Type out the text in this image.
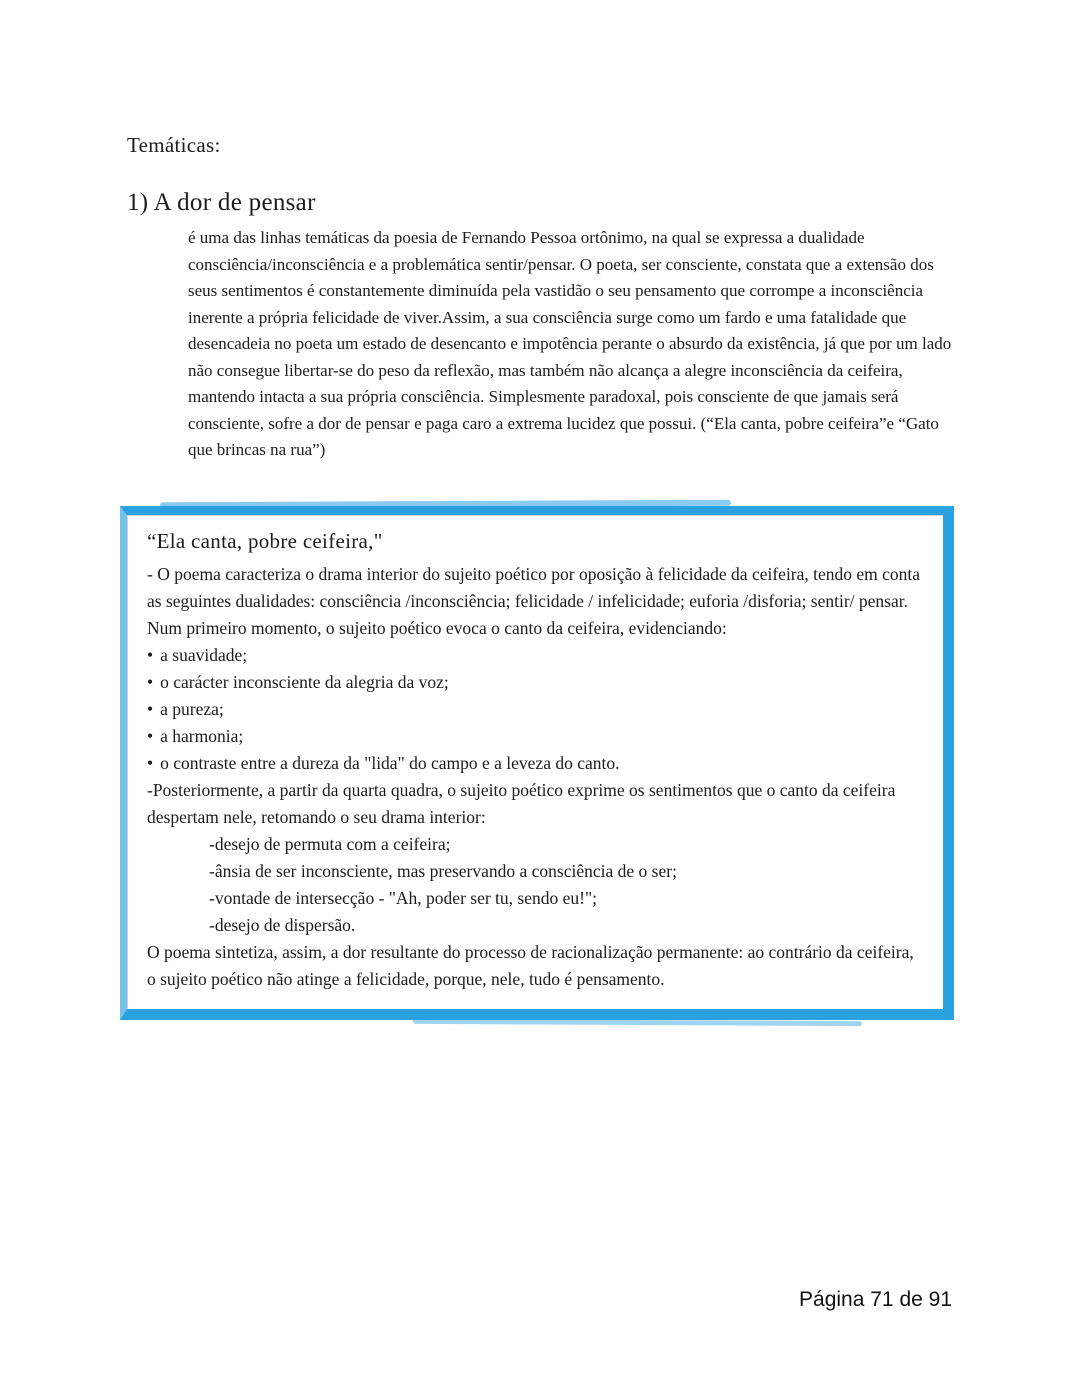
Temáticas:
1) A dor de pensar

é uma das linhas temáticas da poesia de Fernando Pessoa ortônimo, na qual se expressa a dualidade consciência/inconsciência e a problemática sentir/pensar. O poeta, ser consciente, constata que a extensão dos seus sentimentos é constantemente diminuída pela vastidão o seu pensamento que corrompe a inconsciência inerente a própria felicidade de viver.Assim, a sua consciência surge como um fardo e uma fatalidade que desencadeia no poeta um estado de desencanto e impotência perante o absurdo da existência, já que por um lado não consegue libertar-se do peso da reflexão, mas também não alcança a alegre inconsciência da ceifeira, mantendo intacta a sua própria consciência. Simplesmente paradoxal, pois consciente de que jamais será consciente, sofre a dor de pensar e paga caro a extrema lucidez que possui. (“Ela canta, pobre ceifeira”e “Gato que brincas na rua”)

“Ela canta, pobre ceifeira,"

- O poema caracteriza o drama interior do sujeito poético por oposição à felicidade da ceifeira, tendo em conta as seguintes dualidades: consciência /inconsciência; felicidade / infelicidade; euforia /disforia; sentir/ pensar.

Num primeiro momento, o sujeito poético evoca o canto da ceifeira, evidenciando:

• a suavidade;
• o carácter inconsciente da alegria da voz;
• a pureza;
• a harmonia;
• o contraste entre a dureza da "lida" do campo e a leveza do canto.

-Posteriormente, a partir da quarta quadra, o sujeito poético exprime os sentimentos que o canto da ceifeira despertam nele, retomando o seu drama interior:

-desejo de permuta com a ceifeira;
-ânsia de ser inconsciente, mas preservando a consciência de o ser;
-vontade de intersecção - "Ah, poder ser tu, sendo eu!";
-desejo de dispersão.

O poema sintetiza, assim, a dor resultante do processo de racionalização permanente: ao contrário da ceifeira, o sujeito poético não atinge a felicidade, porque, nele, tudo é pensamento.

Página 71 de 91
